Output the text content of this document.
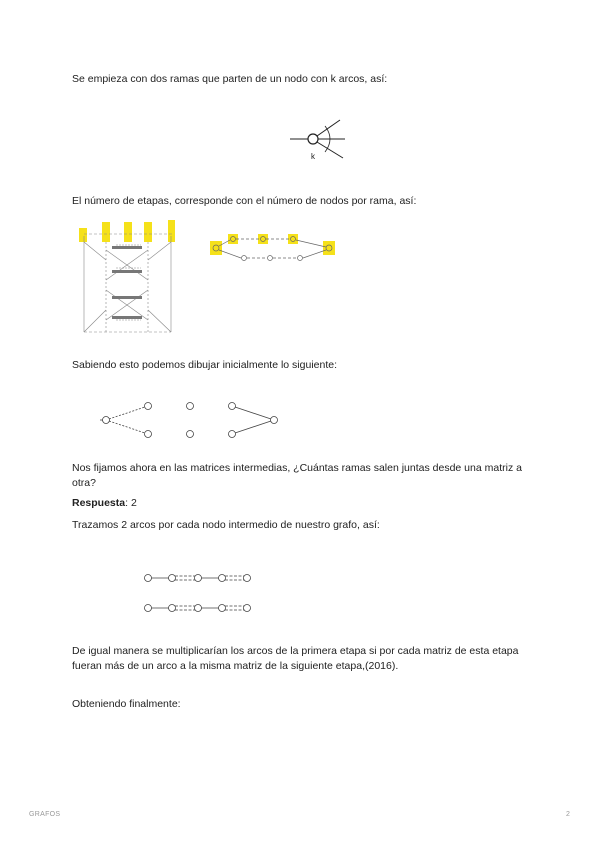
Se empieza con dos ramas que parten de un nodo con k arcos, así:
k
El número de etapas, corresponde con el número de nodos por rama, así:
Sabiendo esto podemos dibujar inicialmente lo siguiente:
Nos fijamos ahora en las matrices intermedias, ¿Cuántas ramas salen juntas desde una matriz a otra?
Respuesta: 2
Trazamos 2 arcos por cada nodo intermedio de nuestro grafo, así:
De igual manera se multiplicarían los arcos de la primera etapa si por cada matriz de esta etapa fueran más de un arco a la misma matriz de la siguiente etapa,(2016).
Obteniendo finalmente:
GRAFOS	2
